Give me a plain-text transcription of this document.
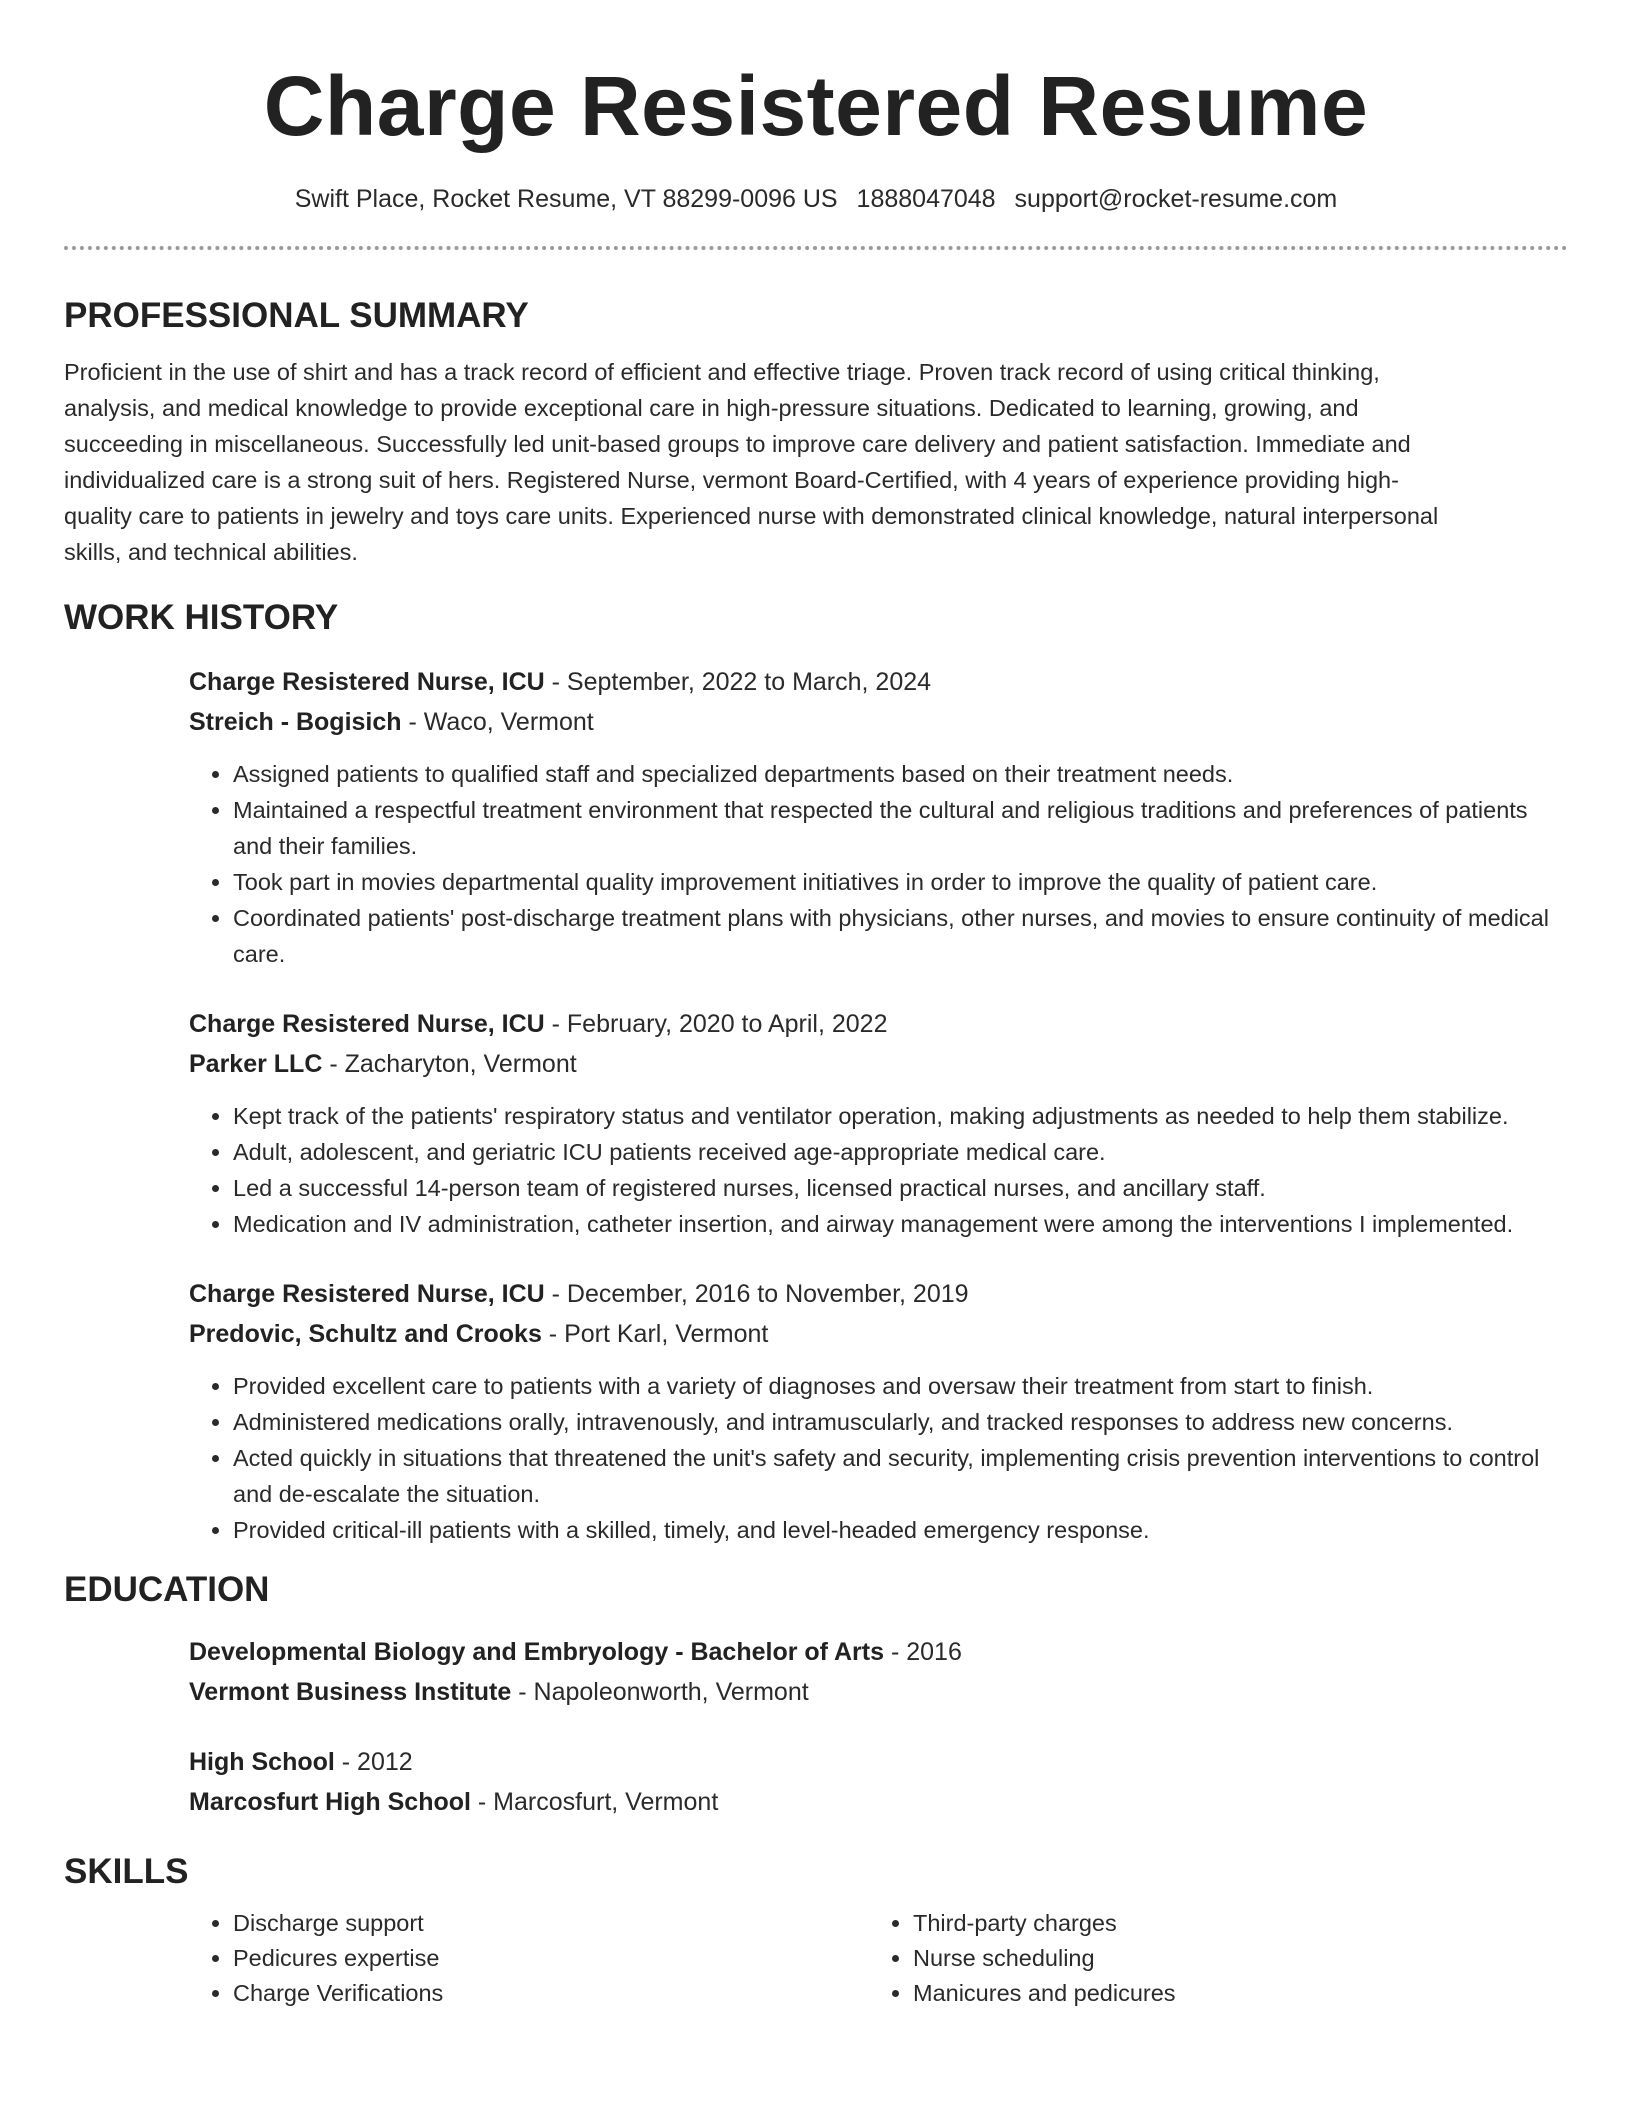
Charge Resistered Resume
Swift Place, Rocket Resume, VT 88299-0096 US 1888047048 support@rocket-resume.com
PROFESSIONAL SUMMARY

Proficient in the use of shirt and has a track record of efficient and effective triage. Proven track record of using critical thinking, analysis, and medical knowledge to provide exceptional care in high-pressure situations. Dedicated to learning, growing, and succeeding in miscellaneous. Successfully led unit-based groups to improve care delivery and patient satisfaction. Immediate and individualized care is a strong suit of hers. Registered Nurse, vermont Board-Certified, with 4 years of experience providing high-quality care to patients in jewelry and toys care units. Experienced nurse with demonstrated clinical knowledge, natural interpersonal skills, and technical abilities.

WORK HISTORY
Charge Resistered Nurse, ICU - September, 2022 to March, 2024
Streich - Bogisich - Waco, Vermont
• Assigned patients to qualified staff and specialized departments based on their treatment needs.
• Maintained a respectful treatment environment that respected the cultural and religious traditions and preferences of patients and their families.
• Took part in movies departmental quality improvement initiatives in order to improve the quality of patient care.
• Coordinated patients' post-discharge treatment plans with physicians, other nurses, and movies to ensure continuity of medical care.
Charge Resistered Nurse, ICU - February, 2020 to April, 2022
Parker LLC - Zacharyton, Vermont
• Kept track of the patients' respiratory status and ventilator operation, making adjustments as needed to help them stabilize.
• Adult, adolescent, and geriatric ICU patients received age-appropriate medical care.
• Led a successful 14-person team of registered nurses, licensed practical nurses, and ancillary staff.
• Medication and IV administration, catheter insertion, and airway management were among the interventions I implemented.
Charge Resistered Nurse, ICU - December, 2016 to November, 2019
Predovic, Schultz and Crooks - Port Karl, Vermont
• Provided excellent care to patients with a variety of diagnoses and oversaw their treatment from start to finish.
• Administered medications orally, intravenously, and intramuscularly, and tracked responses to address new concerns.
• Acted quickly in situations that threatened the unit's safety and security, implementing crisis prevention interventions to control and de-escalate the situation.
• Provided critical-ill patients with a skilled, timely, and level-headed emergency response.
EDUCATION
Developmental Biology and Embryology - Bachelor of Arts - 2016
Vermont Business Institute - Napoleonworth, Vermont
High School - 2012
Marcosfurt High School - Marcosfurt, Vermont
SKILLS
• Discharge support
• Pedicures expertise
• Charge Verifications
• Third-party charges
• Nurse scheduling
• Manicures and pedicures
